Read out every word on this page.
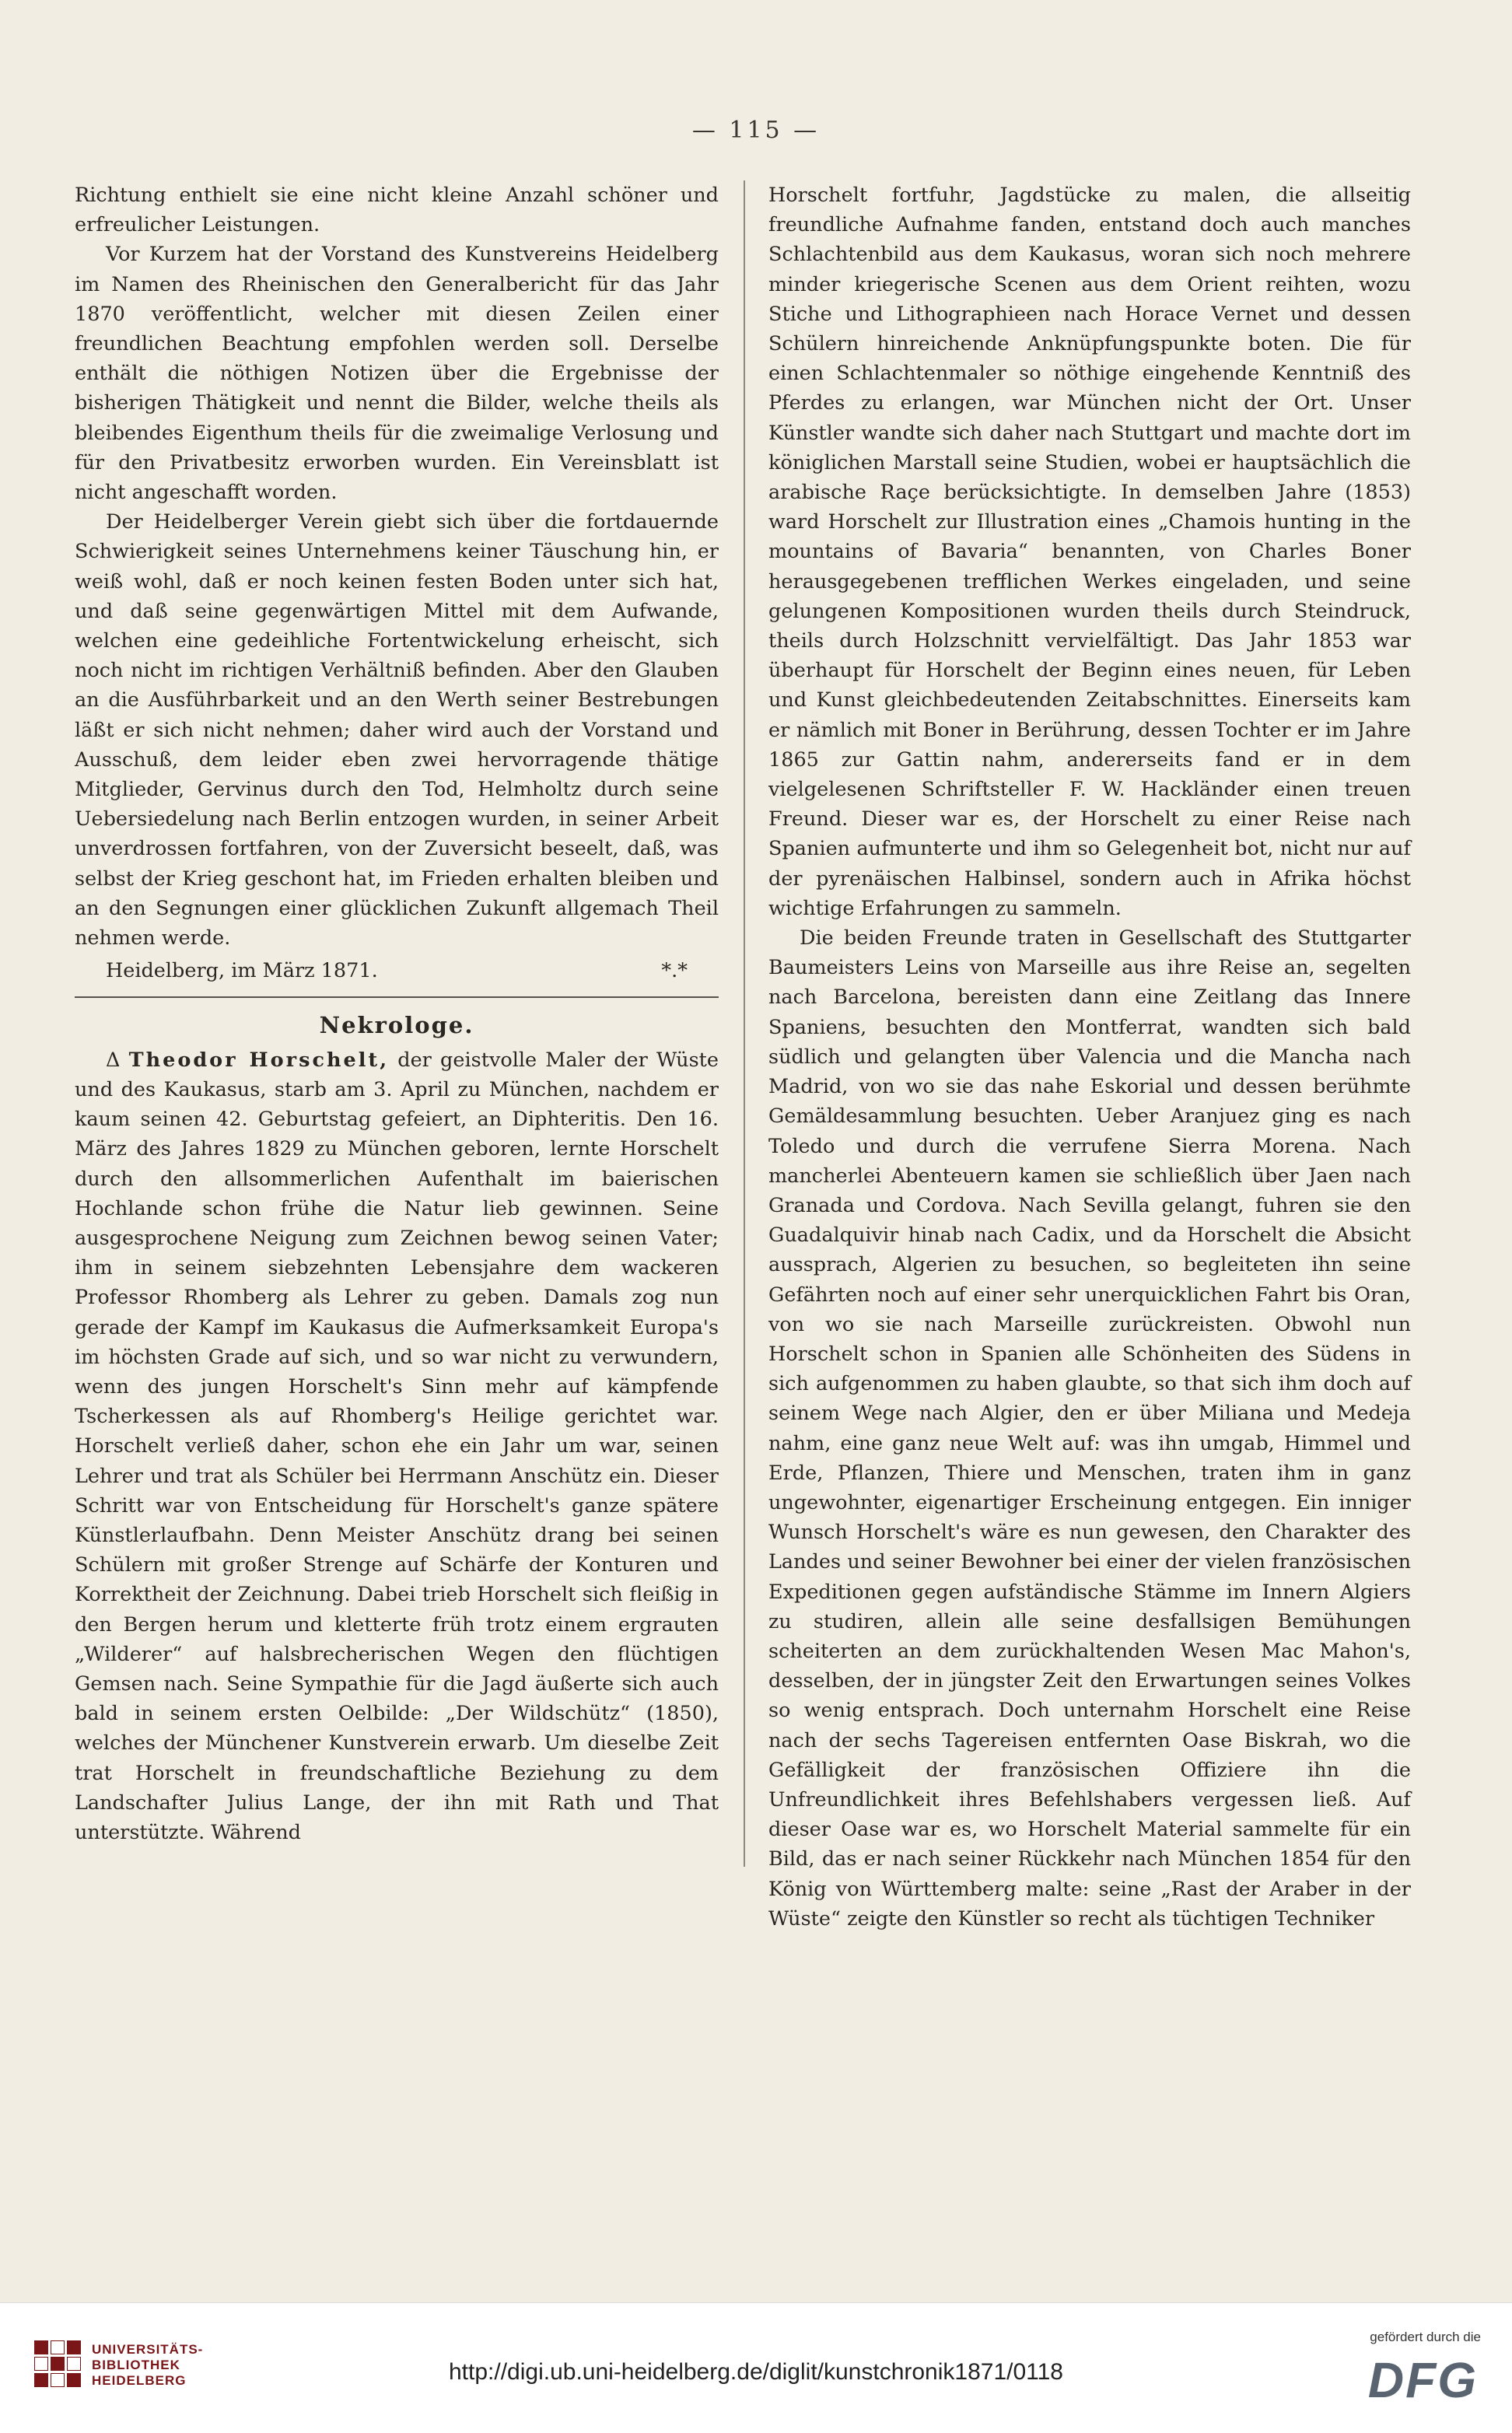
— 115 —

Richtung enthielt sie eine nicht kleine Anzahl schöner und erfreulicher Leistungen.

Vor Kurzem hat der Vorstand des Kunstvereins Heidelberg im Namen des Rheinischen den Generalbericht für das Jahr 1870 veröffentlicht, welcher mit diesen Zeilen einer freundlichen Beachtung empfohlen werden soll. Derselbe enthält die nöthigen Notizen über die Ergebnisse der bisherigen Thätigkeit und nennt die Bilder, welche theils als bleibendes Eigenthum theils für die zweimalige Verlosung und für den Privatbesitz erworben wurden. Ein Vereinsblatt ist nicht angeschafft worden.

Der Heidelberger Verein giebt sich über die fortdauernde Schwierigkeit seines Unternehmens keiner Täuschung hin, er weiß wohl, daß er noch keinen festen Boden unter sich hat, und daß seine gegenwärtigen Mittel mit dem Aufwande, welchen eine gedeihliche Fortentwickelung erheischt, sich noch nicht im richtigen Verhältniß befinden. Aber den Glauben an die Ausführbarkeit und an den Werth seiner Bestrebungen läßt er sich nicht nehmen; daher wird auch der Vorstand und Ausschuß, dem leider eben zwei hervorragende thätige Mitglieder, Gervinus durch den Tod, Helmholtz durch seine Uebersiedelung nach Berlin entzogen wurden, in seiner Arbeit unverdrossen fortfahren, von der Zuversicht beseelt, daß, was selbst der Krieg geschont hat, im Frieden erhalten bleiben und an den Segnungen einer glücklichen Zukunft allgemach Theil nehmen werde.

Heidelberg, im März 1871.	*.*
Nekrologe.

Δ Theodor Horschelt, der geistvolle Maler der Wüste und des Kaukasus, starb am 3. April zu München, nachdem er kaum seinen 42. Geburtstag gefeiert, an Diphteritis. Den 16. März des Jahres 1829 zu München geboren, lernte Horschelt durch den allsommerlichen Aufenthalt im baierischen Hochlande schon frühe die Natur lieb gewinnen. Seine ausgesprochene Neigung zum Zeichnen bewog seinen Vater; ihm in seinem siebzehnten Lebensjahre dem wackeren Professor Rhomberg als Lehrer zu geben. Damals zog nun gerade der Kampf im Kaukasus die Aufmerksamkeit Europa's im höchsten Grade auf sich, und so war nicht zu verwundern, wenn des jungen Horschelt's Sinn mehr auf kämpfende Tscherkessen als auf Rhomberg's Heilige gerichtet war. Horschelt verließ daher, schon ehe ein Jahr um war, seinen Lehrer und trat als Schüler bei Herrmann Anschütz ein. Dieser Schritt war von Entscheidung für Horschelt's ganze spätere Künstlerlaufbahn. Denn Meister Anschütz drang bei seinen Schülern mit großer Strenge auf Schärfe der Konturen und Korrektheit der Zeichnung. Dabei trieb Horschelt sich fleißig in den Bergen herum und kletterte früh trotz einem ergrauten „Wilderer“ auf halsbrecherischen Wegen den flüchtigen Gemsen nach. Seine Sympathie für die Jagd äußerte sich auch bald in seinem ersten Oelbilde: „Der Wildschütz“ (1850), welches der Münchener Kunstverein erwarb. Um dieselbe Zeit trat Horschelt in freundschaftliche Beziehung zu dem Landschafter Julius Lange, der ihn mit Rath und That unterstützte. Während

Horschelt fortfuhr, Jagdstücke zu malen, die allseitig freundliche Aufnahme fanden, entstand doch auch manches Schlachtenbild aus dem Kaukasus, woran sich noch mehrere minder kriegerische Scenen aus dem Orient reihten, wozu Stiche und Lithographieen nach Horace Vernet und dessen Schülern hinreichende Anknüpfungspunkte boten. Die für einen Schlachtenmaler so nöthige eingehende Kenntniß des Pferdes zu erlangen, war München nicht der Ort. Unser Künstler wandte sich daher nach Stuttgart und machte dort im königlichen Marstall seine Studien, wobei er hauptsächlich die arabische Raçe berücksichtigte. In demselben Jahre (1853) ward Horschelt zur Illustration eines „Chamois hunting in the mountains of Bavaria“ benannten, von Charles Boner herausgegebenen trefflichen Werkes eingeladen, und seine gelungenen Kompositionen wurden theils durch Steindruck, theils durch Holzschnitt vervielfältigt. Das Jahr 1853 war überhaupt für Horschelt der Beginn eines neuen, für Leben und Kunst gleichbedeutenden Zeitabschnittes. Einerseits kam er nämlich mit Boner in Berührung, dessen Tochter er im Jahre 1865 zur Gattin nahm, andererseits fand er in dem vielgelesenen Schriftsteller F. W. Hackländer einen treuen Freund. Dieser war es, der Horschelt zu einer Reise nach Spanien aufmunterte und ihm so Gelegenheit bot, nicht nur auf der pyrenäischen Halbinsel, sondern auch in Afrika höchst wichtige Erfahrungen zu sammeln.

Die beiden Freunde traten in Gesellschaft des Stuttgarter Baumeisters Leins von Marseille aus ihre Reise an, segelten nach Barcelona, bereisten dann eine Zeitlang das Innere Spaniens, besuchten den Montferrat, wandten sich bald südlich und gelangten über Valencia und die Mancha nach Madrid, von wo sie das nahe Eskorial und dessen berühmte Gemäldesammlung besuchten. Ueber Aranjuez ging es nach Toledo und durch die verrufene Sierra Morena. Nach mancherlei Abenteuern kamen sie schließlich über Jaen nach Granada und Cordova. Nach Sevilla gelangt, fuhren sie den Guadalquivir hinab nach Cadix, und da Horschelt die Absicht aussprach, Algerien zu besuchen, so begleiteten ihn seine Gefährten noch auf einer sehr unerquicklichen Fahrt bis Oran, von wo sie nach Marseille zurückreisten. Obwohl nun Horschelt schon in Spanien alle Schönheiten des Südens in sich aufgenommen zu haben glaubte, so that sich ihm doch auf seinem Wege nach Algier, den er über Miliana und Medeja nahm, eine ganz neue Welt auf: was ihn umgab, Himmel und Erde, Pflanzen, Thiere und Menschen, traten ihm in ganz ungewohnter, eigenartiger Erscheinung entgegen. Ein inniger Wunsch Horschelt's wäre es nun gewesen, den Charakter des Landes und seiner Bewohner bei einer der vielen französischen Expeditionen gegen aufständische Stämme im Innern Algiers zu studiren, allein alle seine desfallsigen Bemühungen scheiterten an dem zurückhaltenden Wesen Mac Mahon's, desselben, der in jüngster Zeit den Erwartungen seines Volkes so wenig entsprach. Doch unternahm Horschelt eine Reise nach der sechs Tagereisen entfernten Oase Biskrah, wo die Gefälligkeit der französischen Offiziere ihn die Unfreundlichkeit ihres Befehlshabers vergessen ließ. Auf dieser Oase war es, wo Horschelt Material sammelte für ein Bild, das er nach seiner Rückkehr nach München 1854 für den König von Württemberg malte: seine „Rast der Araber in der Wüste“ zeigte den Künstler so recht als tüchtigen Techniker

UNIVERSITÄTS-
BIBLIOTHEK
HEIDELBERG	http://digi.ub.uni-heidelberg.de/diglit/kunstchronik1871/0118
gefördert durch die
DFG
